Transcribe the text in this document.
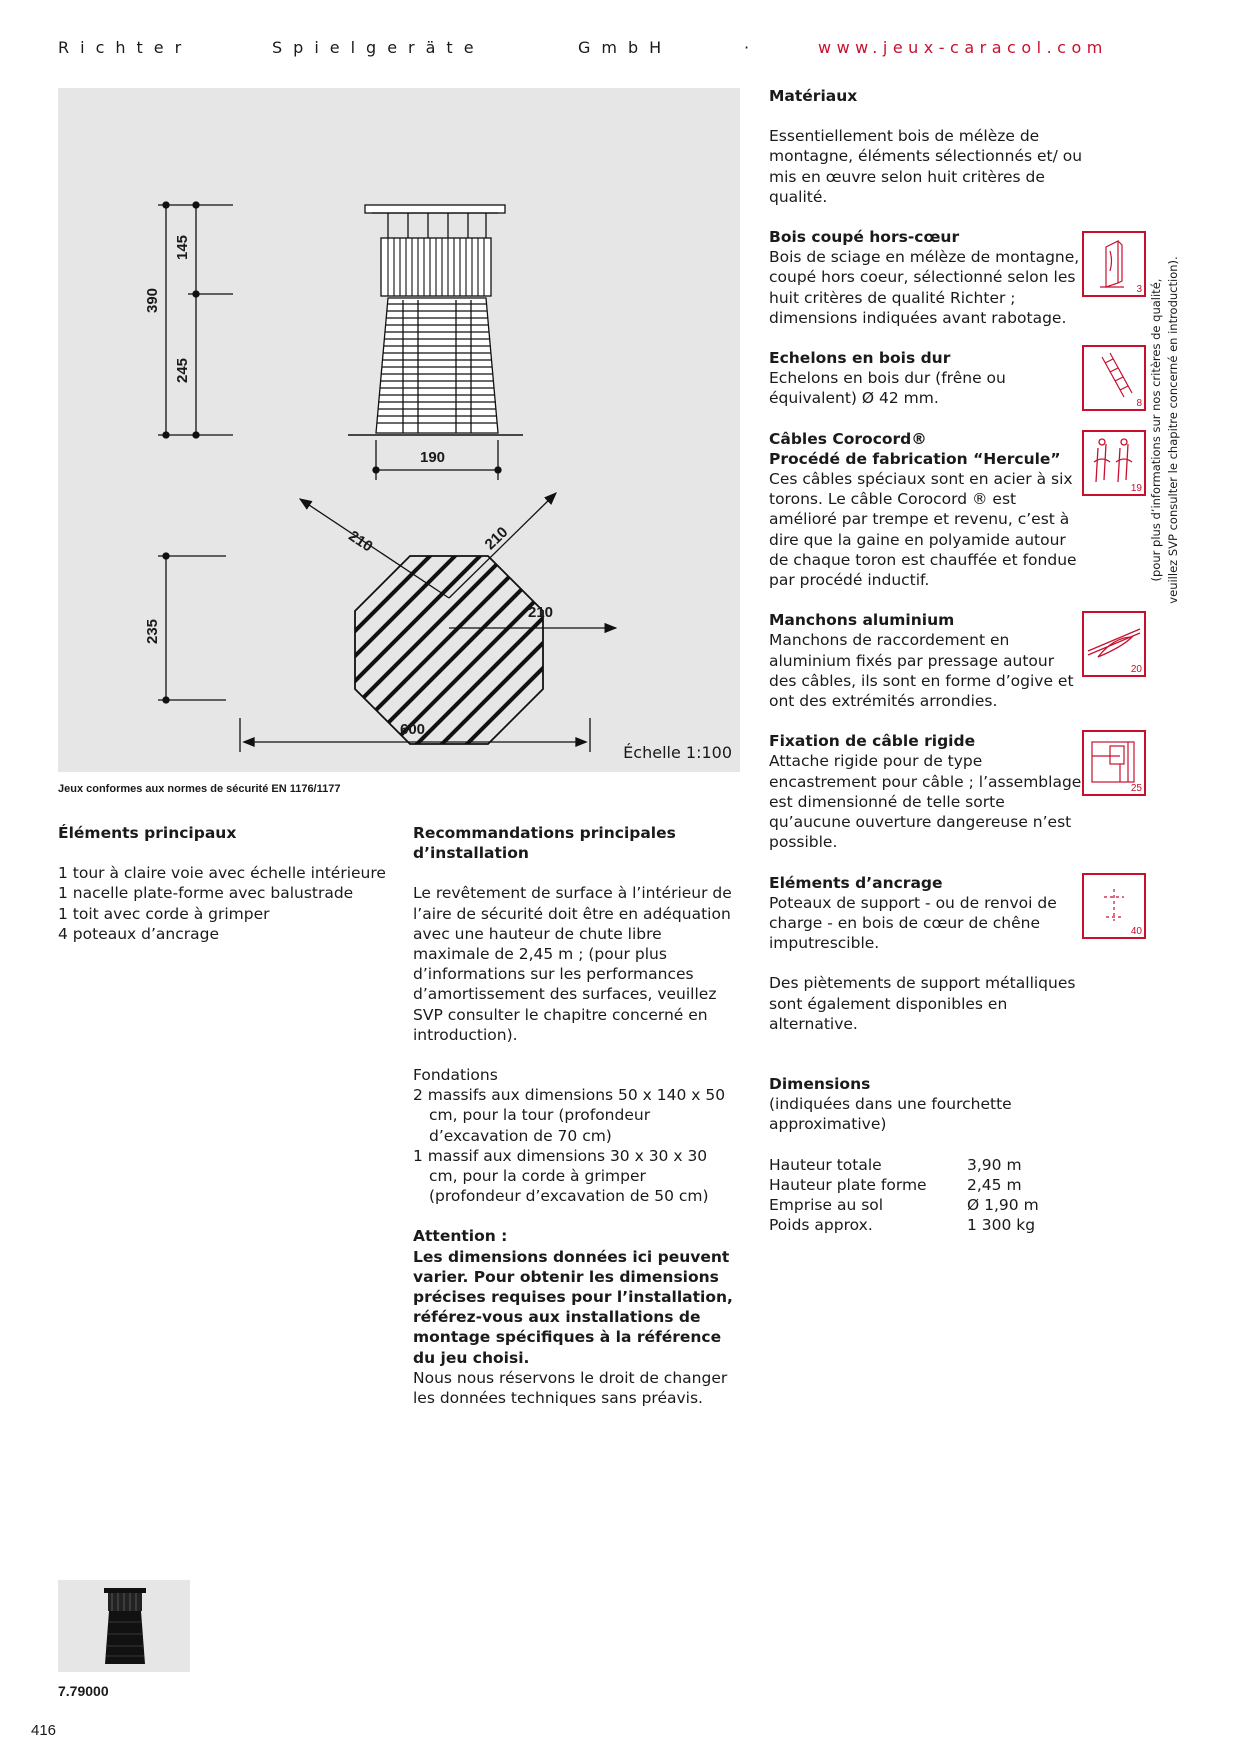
Richter	Spielgeräte	GmbH	·	www.jeux-caracol.com
390
145
245
190
210	210
210
235
600
Échelle 1:100
Jeux conformes aux normes de sécurité EN 1176/1177
Éléments principaux
1 tour à claire voie avec échelle intérieure
1 nacelle plate-forme avec balustrade
1 toit avec corde à grimper
4 poteaux d’ancrage
Recommandations principales d’installation

Le revêtement de surface à l’intérieur de l’aire de sécurité doit être en adéquation avec une hauteur de chute libre maximale de 2,45 m ; (pour plus d’informations sur les performances d’amortissement des surfaces, veuillez SVP consulter le chapitre concerné en introduction).

Fondations
2 massifs aux dimensions 50 x 140 x 50 cm, pour la tour (profondeur d’excavation de 70 cm)
1 massif aux dimensions 30 x 30 x 30 cm, pour la corde à grimper (profondeur d’excavation de 50 cm)
Attention :
Les dimensions données ici peuvent varier. Pour obtenir les dimensions précises requises pour l’installation, référez-vous aux installations de montage spécifiques à la référence du jeu choisi.
Nous nous réservons le droit de changer les données techniques sans préavis.
Matériaux

Essentiellement bois de mélèze de montagne, éléments sélectionnés et/ ou mis en œuvre selon huit critères de qualité.

Bois coupé hors-cœur

Bois de sciage en mélèze de montagne, coupé hors coeur, sélectionné selon les huit critères de qualité Richter ; dimensions indiquées avant rabotage.

Echelons en bois dur

Echelons en bois dur (frêne ou équivalent) Ø 42 mm.

Câbles Corocord®
Procédé de fabrication “Hercule”

Ces câbles spéciaux sont en acier à six torons. Le câble Corocord ® est amélioré par trempe et revenu, c’est à dire que la gaine en polyamide autour de chaque toron est chauffée et fondue par procédé inductif.

Manchons aluminium

Manchons de raccordement en aluminium fixés par pressage autour des câbles, ils sont en forme d’ogive et ont des extrémités arrondies.

Fixation de câble rigide

Attache rigide pour de type encastrement pour câble ; l’assemblage est dimensionné de telle sorte qu’aucune ouverture dangereuse n’est possible.

Eléments d’ancrage

Poteaux de support - ou de renvoi de charge - en bois de cœur de chêne imputrescible.

Des piètements de support métalliques sont également disponibles en alternative.

Dimensions

(indiquées dans une fourchette approximative)

Hauteur totale	3,90 m
Hauteur plate forme	2,45 m
Emprise au sol	Ø 1,90 m
Poids approx.	1 300 kg
3
8
19
20
25
40
(pour plus d’informations sur nos critères de qualité,
veuillez SVP consulter le chapitre concerné en introduction).
7.79000
416
